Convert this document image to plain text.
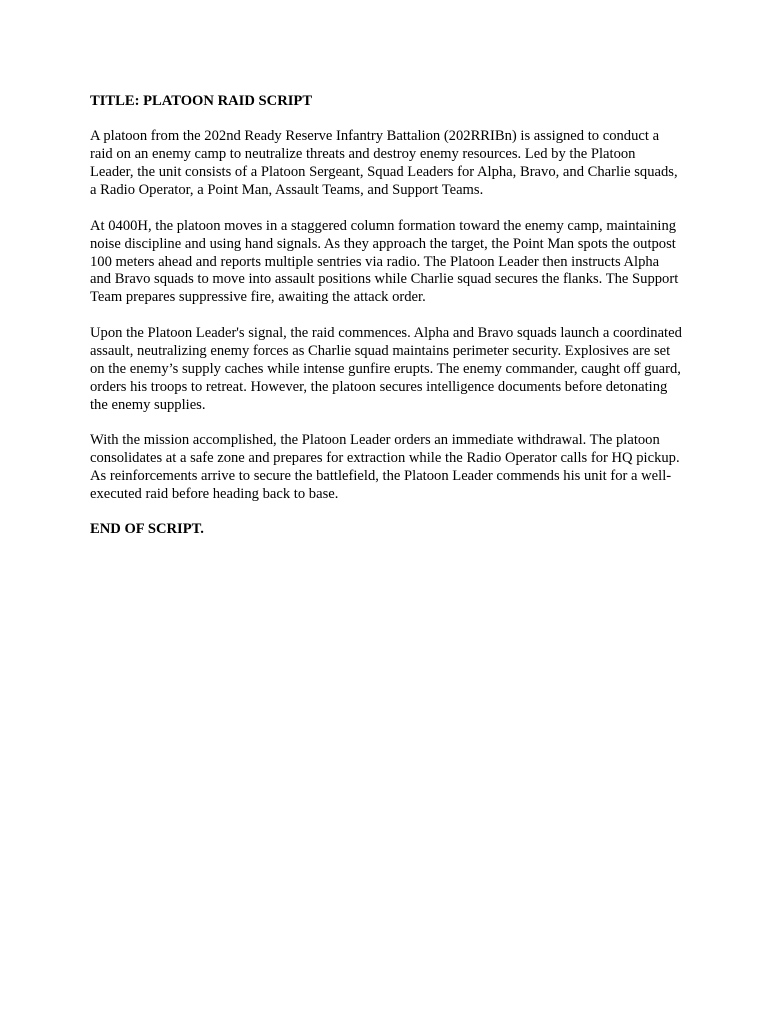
TITLE: PLATOON RAID SCRIPT

A platoon from the 202nd Ready Reserve Infantry Battalion (202RRIBn) is assigned to conduct a raid on an enemy camp to neutralize threats and destroy enemy resources. Led by the Platoon Leader, the unit consists of a Platoon Sergeant, Squad Leaders for Alpha, Bravo, and Charlie squads, a Radio Operator, a Point Man, Assault Teams, and Support Teams.

At 0400H, the platoon moves in a staggered column formation toward the enemy camp, maintaining noise discipline and using hand signals. As they approach the target, the Point Man spots the outpost 100 meters ahead and reports multiple sentries via radio. The Platoon Leader then instructs Alpha and Bravo squads to move into assault positions while Charlie squad secures the flanks. The Support Team prepares suppressive fire, awaiting the attack order.

Upon the Platoon Leader's signal, the raid commences. Alpha and Bravo squads launch a coordinated assault, neutralizing enemy forces as Charlie squad maintains perimeter security. Explosives are set on the enemy’s supply caches while intense gunfire erupts. The enemy commander, caught off guard, orders his troops to retreat. However, the platoon secures intelligence documents before detonating the enemy supplies.

With the mission accomplished, the Platoon Leader orders an immediate withdrawal. The platoon consolidates at a safe zone and prepares for extraction while the Radio Operator calls for HQ pickup. As reinforcements arrive to secure the battlefield, the Platoon Leader commends his unit for a well-executed raid before heading back to base.

END OF SCRIPT.
